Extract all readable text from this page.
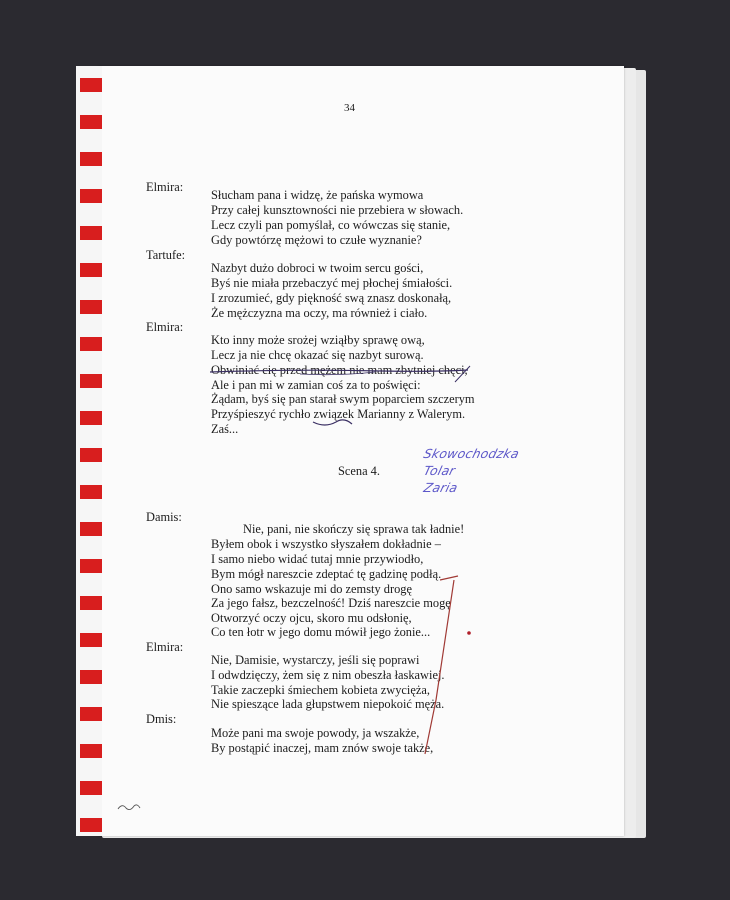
34
Elmira:
Słucham pana i widzę, że pańska wymowa
Przy całej kunsztowności nie przebiera w słowach.
Lecz czyli pan pomyślał, co wówczas się stanie,
Gdy powtórzę mężowi to czułe wyznanie?
Tartufe:
Nazbyt dużo dobroci w twoim sercu gości,
Byś nie miała przebaczyć mej płochej śmiałości.
I zrozumieć, gdy piękność swą znasz doskonałą,
Że mężczyzna ma oczy, ma również i ciało.
Elmira:
Kto inny może srożej wziąłby sprawę ową,
Lecz ja nie chcę okazać się nazbyt surową.
Obwiniać cię przed mężem nie mam zbytniej chęci,
Ale i pan mi w zamian coś za to poświęci:
Żądam, byś się pan starał swym poparciem szczerym
Przyśpieszyć rychło związek Marianny z Walerym.
Zaś...
Scena 4.
Skowochodzka
Tolar
Zaria
Damis:
Nie, pani, nie skończy się sprawa tak ładnie!
Byłem obok i wszystko słyszałem dokładnie –
I samo niebo widać tutaj mnie przywiodło,
Bym mógł nareszcie zdeptać tę gadzinę podłą.
Ono samo wskazuje mi do zemsty drogę
Za jego fałsz, bezczelność! Dziś nareszcie mogę
Otworzyć oczy ojcu, skoro mu odsłonię,
Co ten łotr w jego domu mówił jego żonie...
Elmira:
Nie, Damisie, wystarczy, jeśli się poprawi
I odwdzięczy, żem się z nim obeszła łaskawiej.
Takie zaczepki śmiechem kobieta zwycięża,
Nie spieszące lada głupstwem niepokoić męża.
Dmis:
Może pani ma swoje powody, ja wszakże,
By postąpić inaczej, mam znów swoje także,
